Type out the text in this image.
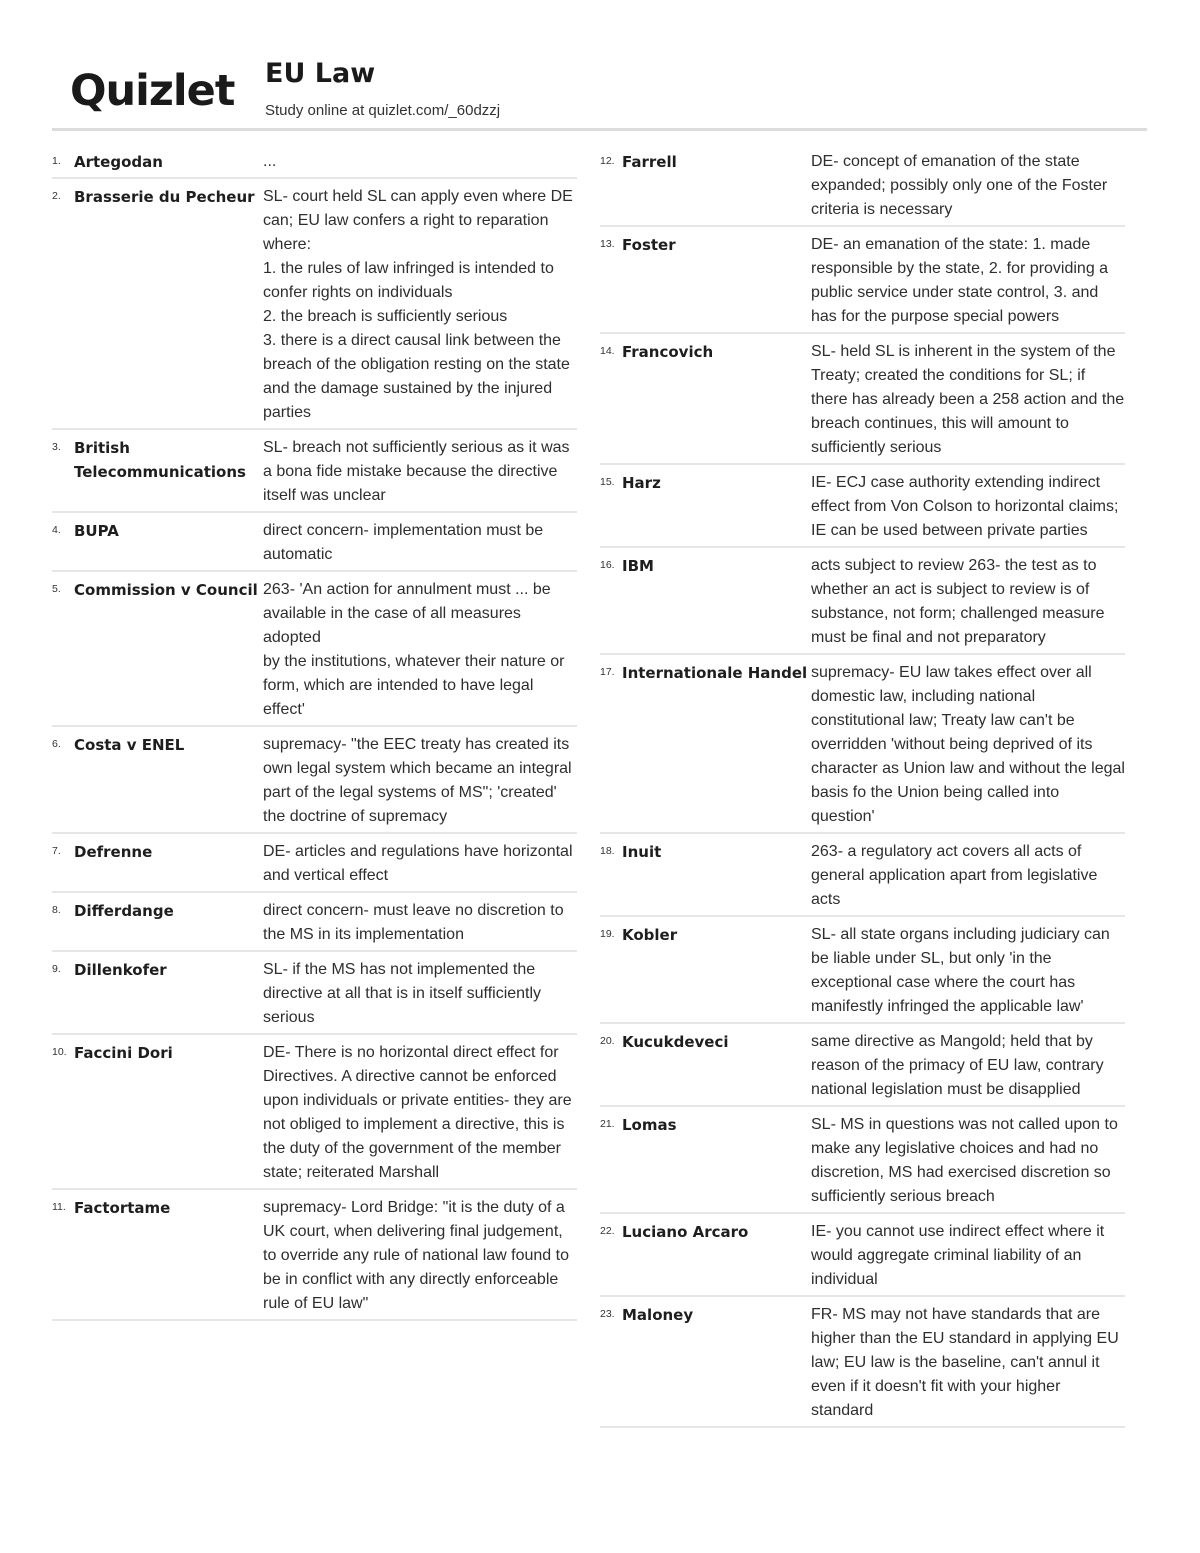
Quizlet EU Law
Study online at quizlet.com/_60dzzj
1. Artegodan	...
2. Brasserie du Pecheur SL- court held SL can apply even where DE can; EU law confers a right to reparation where:
1. the rules of law infringed is intended to confer rights on individuals
2. the breach is sufficiently serious
3. there is a direct causal link between the breach of the obligation resting on the state and the damage sustained by the injured parties
3. British Telecommunications
SL- breach not sufficiently serious as it was a bona fide mistake because the directive itself was unclear
4. BUPA	direct concern- implementation must be automatic
5. Commission v Council 263- 'An action for annulment must ... be available in the case of all measures adopted
by the institutions, whatever their nature or form, which are intended to have legal
effect'
6. Costa v ENEL	supremacy- "the EEC treaty has created its own legal system which became an integral part of the legal systems of MS"; 'created' the doctrine of supremacy
7. Defrenne	DE- articles and regulations have horizontal and vertical effect
8. Differdange	direct concern- must leave no discretion to the MS in its implementation
9. Dillenkofer	SL- if the MS has not implemented the directive at all that is in itself sufficiently serious
10. Faccini Dori	DE- There is no horizontal direct effect for Directives. A directive cannot be enforced upon individuals or private entities- they are not obliged to implement a directive, this is the duty of the government of the member state; reiterated Marshall
11. Factortame	supremacy- Lord Bridge: "it is the duty of a UK court, when delivering final judgement, to override any rule of national law found to be in conflict with any directly enforceable rule of EU law"
12. Farrell	DE- concept of emanation of the state expanded; possibly only one of the Foster criteria is necessary
13. Foster	DE- an emanation of the state: 1. made responsible by the state, 2. for providing a public service under state control, 3. and has for the purpose special powers
14. Francovich	SL- held SL is inherent in the system of the Treaty; created the conditions for SL; if there has already been a 258 action and the breach continues, this will amount to sufficiently serious
15. Harz	IE- ECJ case authority extending indirect effect from Von Colson to horizontal claims; IE can be used between private parties
16. IBM	acts subject to review 263- the test as to whether an act is subject to review is of substance, not form; challenged measure must be final and not preparatory
17. Internationale Handel supremacy- EU law takes effect over all domestic law, including national constitutional law; Treaty law can't be overridden 'without being deprived of its character as Union law and without the legal basis fo the Union being called into question'
18. Inuit	263- a regulatory act covers all acts of general application apart from legislative acts
19. Kobler	SL- all state organs including judiciary can be liable under SL, but only 'in the exceptional case where the court has manifestly infringed the applicable law'
20. Kucukdeveci	same directive as Mangold; held that by reason of the primacy of EU law, contrary national legislation must be disapplied
21. Lomas	SL- MS in questions was not called upon to make any legislative choices and had no discretion, MS had exercised discretion so sufficiently serious breach
22. Luciano Arcaro	IE- you cannot use indirect effect where it would aggregate criminal liability of an individual
23. Maloney	FR- MS may not have standards that are higher than the EU standard in applying EU law; EU law is the baseline, can't annul it even if it doesn't fit with your higher standard
